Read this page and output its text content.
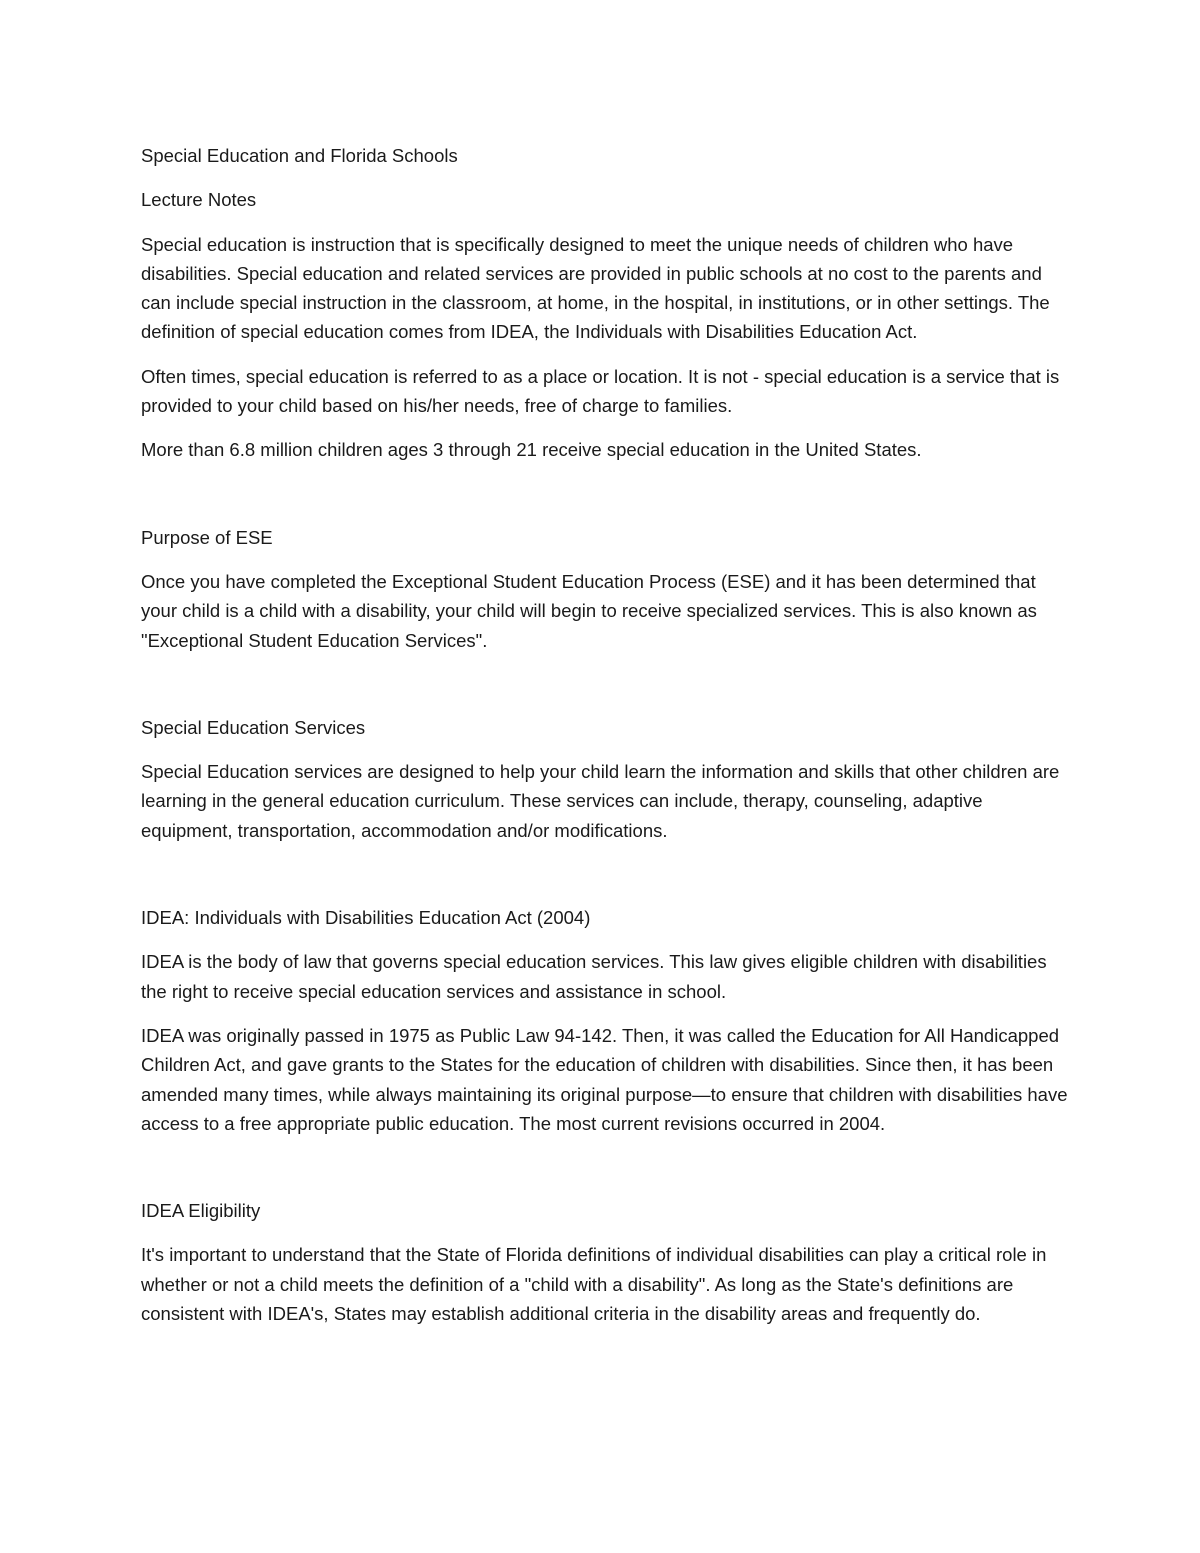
Special Education and Florida Schools

Lecture Notes

Special education is instruction that is specifically designed to meet the unique needs of children who have disabilities. Special education and related services are provided in public schools at no cost to the parents and can include special instruction in the classroom, at home, in the hospital, in institutions, or in other settings. The definition of special education comes from IDEA, the Individuals with Disabilities Education Act.

Often times, special education is referred to as a place or location. It is not - special education is a service that is provided to your child based on his/her needs, free of charge to families.

More than 6.8 million children ages 3 through 21 receive special education in the United States.

Purpose of ESE

Once you have completed the Exceptional Student Education Process (ESE) and it has been determined that your child is a child with a disability, your child will begin to receive specialized services. This is also known as "Exceptional Student Education Services".

Special Education Services

Special Education services are designed to help your child learn the information and skills that other children are learning in the general education curriculum. These services can include, therapy, counseling, adaptive equipment, transportation, accommodation and/or modifications.

IDEA: Individuals with Disabilities Education Act (2004)

IDEA is the body of law that governs special education services. This law gives eligible children with disabilities the right to receive special education services and assistance in school.

IDEA was originally passed in 1975 as Public Law 94-142. Then, it was called the Education for All Handicapped Children Act, and gave grants to the States for the education of children with disabilities. Since then, it has been amended many times, while always maintaining its original purpose—to ensure that children with disabilities have access to a free appropriate public education. The most current revisions occurred in 2004.

IDEA Eligibility

It's important to understand that the State of Florida definitions of individual disabilities can play a critical role in whether or not a child meets the definition of a "child with a disability". As long as the State's definitions are consistent with IDEA's, States may establish additional criteria in the disability areas and frequently do.
